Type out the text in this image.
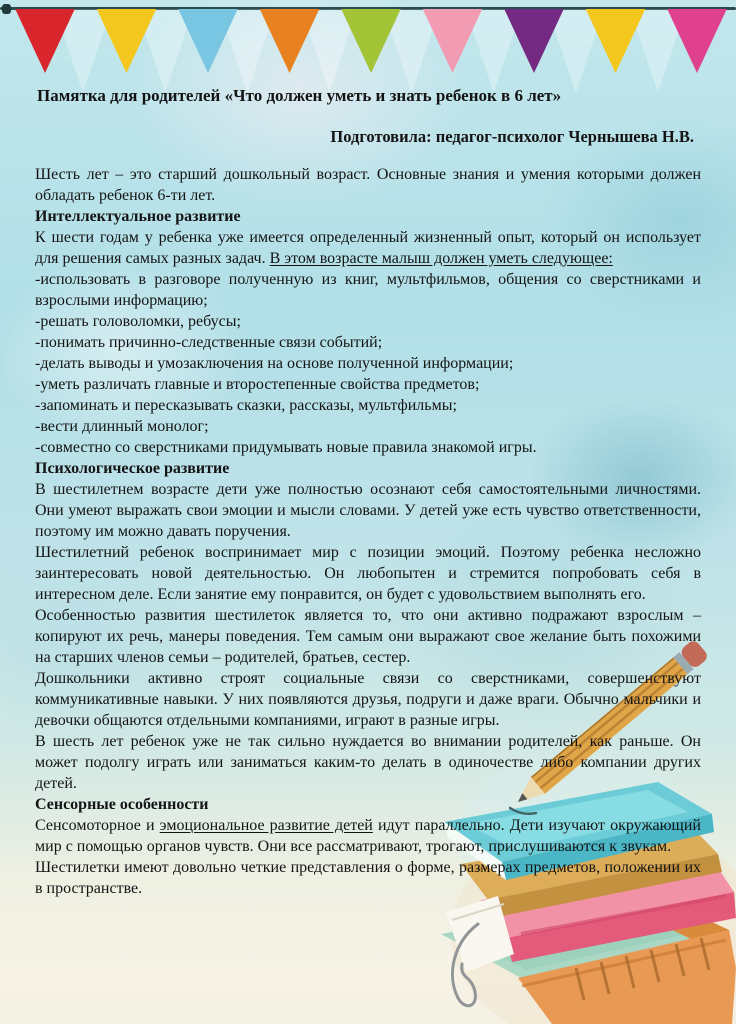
Памятка для родителей «Что должен уметь и знать ребенок в 6 лет»
Подготовила: педагог-психолог Чернышева Н.В.

Шесть лет – это старший дошкольный возраст. Основные знания и умения которыми должен обладать ребенок 6-ти лет.

Интеллектуальное развитие

К шести годам у ребенка уже имеется определенный жизненный опыт, который он использует для решения самых разных задач. В этом возрасте малыш должен уметь следующее:

-использовать в разговоре полученную из книг, мультфильмов, общения со сверстниками и взрослыми информацию;

-решать головоломки, ребусы;

-понимать причинно-следственные связи событий;

-делать выводы и умозаключения на основе полученной информации;

-уметь различать главные и второстепенные свойства предметов;

-запоминать и пересказывать сказки, рассказы, мультфильмы;

-вести длинный монолог;

-совместно со сверстниками придумывать новые правила знакомой игры.

Психологическое развитие

В шестилетнем возрасте дети уже полностью осознают себя самостоятельными личностями. Они умеют выражать свои эмоции и мысли словами. У детей уже есть чувство ответственности, поэтому им можно давать поручения.

Шестилетний ребенок воспринимает мир с позиции эмоций. Поэтому ребенка несложно заинтересовать новой деятельностью. Он любопытен и стремится попробовать себя в интересном деле. Если занятие ему понравится, он будет с удовольствием выполнять его.

Особенностью развития шестилеток является то, что они активно подражают взрослым – копируют их речь, манеры поведения. Тем самым они выражают свое желание быть похожими на старших членов семьи – родителей, братьев, сестер.

Дошкольники активно строят социальные связи со сверстниками, совершенствуют коммуникативные навыки. У них появляются друзья, подруги и даже враги. Обычно мальчики и девочки общаются отдельными компаниями, играют в разные игры.

В шесть лет ребенок уже не так сильно нуждается во внимании родителей, как раньше. Он может подолгу играть или заниматься каким-то делать в одиночестве либо компании других детей.

Сенсорные особенности

Сенсомоторное и эмоциональное развитие детей идут параллельно. Дети изучают окружающий мир с помощью органов чувств. Они все рассматривают, трогают, прислушиваются к звукам.

Шестилетки имеют довольно четкие представления о форме, размерах предметов, положении их в пространстве.
